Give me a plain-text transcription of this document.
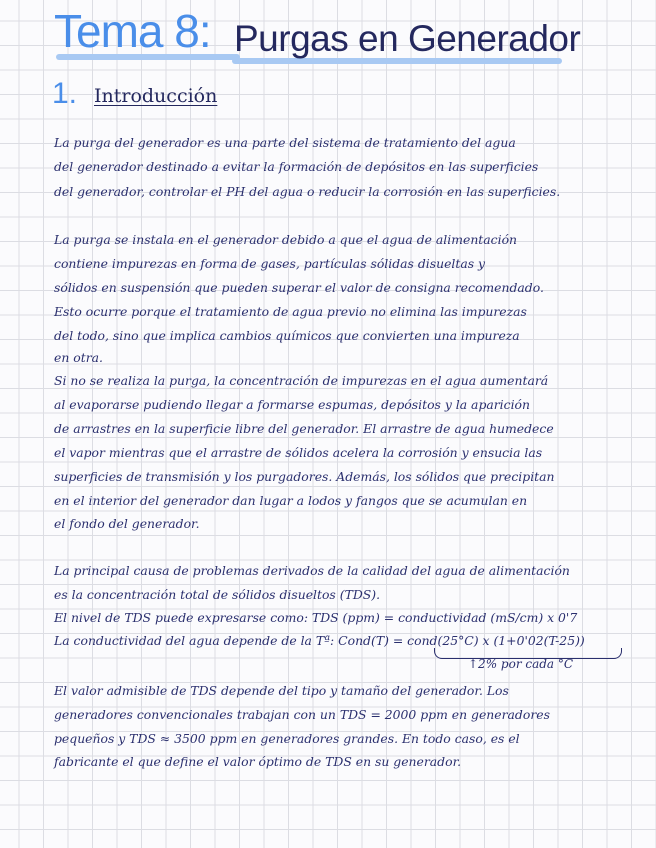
Tema 8: Purgas en Generador
1. Introducción
La purga del generador es una parte del sistema de tratamiento del agua
del generador destinado a evitar la formación de depósitos en las superficies
del generador, controlar el PH del agua o reducir la corrosión en las superficies.
La purga se instala en el generador debido a que el agua de alimentación
contiene impurezas en forma de gases, partículas sólidas disueltas y
sólidos en suspensión que pueden superar el valor de consigna recomendado.
Esto ocurre porque el tratamiento de agua previo no elimina las impurezas
del todo, sino que implica cambios químicos que convierten una impureza
en otra.
Si no se realiza la purga, la concentración de impurezas en el agua aumentará
al evaporarse pudiendo llegar a formarse espumas, depósitos y la aparición
de arrastres en la superficie libre del generador. El arrastre de agua humedece
el vapor mientras que el arrastre de sólidos acelera la corrosión y ensucia las
superficies de transmisión y los purgadores. Además, los sólidos que precipitan
en el interior del generador dan lugar a lodos y fangos que se acumulan en
el fondo del generador.
La principal causa de problemas derivados de la calidad del agua de alimentación
es la concentración total de sólidos disueltos (TDS).
El nivel de TDS puede expresarse como: TDS (ppm) = conductividad (mS/cm) x 0'7
La conductividad del agua depende de la Tª: Cond(T) = cond(25°C) x (1+0'02(T-25))
↑2% por cada °C
El valor admisible de TDS depende del tipo y tamaño del generador. Los
generadores convencionales trabajan con un TDS = 2000 ppm en generadores
pequeños y TDS ≈ 3500 ppm en generadores grandes. En todo caso, es el
fabricante el que define el valor óptimo de TDS en su generador.
